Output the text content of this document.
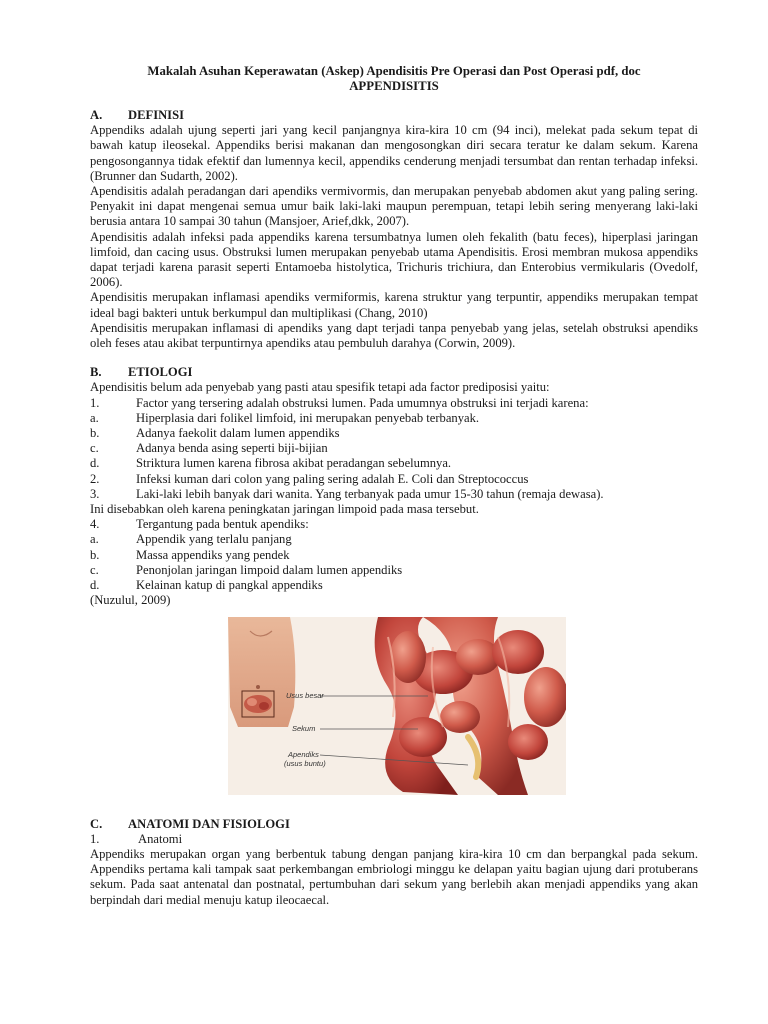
Makalah Asuhan Keperawatan (Askep) Apendisitis Pre Operasi dan Post Operasi pdf, doc

APPENDISITIS

A.	DEFINISI

Appendiks adalah ujung seperti jari yang kecil panjangnya kira-kira 10 cm (94 inci), melekat pada sekum tepat di bawah katup ileosekal. Appendiks berisi makanan dan mengosongkan diri secara teratur ke dalam sekum. Karena pengosongannya tidak efektif dan lumennya kecil, appendiks cenderung menjadi tersumbat dan rentan terhadap infeksi. (Brunner dan Sudarth, 2002).

Apendisitis adalah peradangan dari apendiks vermivormis, dan merupakan penyebab abdomen akut yang paling sering. Penyakit ini dapat mengenai semua umur baik laki-laki maupun perempuan, tetapi lebih sering menyerang laki-laki berusia antara 10 sampai 30 tahun (Mansjoer, Arief,dkk, 2007).

Apendisitis adalah infeksi pada appendiks karena tersumbatnya lumen oleh fekalith (batu feces), hiperplasi jaringan limfoid, dan cacing usus. Obstruksi lumen merupakan penyebab utama Apendisitis. Erosi membran mukosa appendiks dapat terjadi karena parasit seperti Entamoeba histolytica, Trichuris trichiura, dan Enterobius vermikularis (Ovedolf, 2006).

Apendisitis merupakan inflamasi apendiks vermiformis, karena struktur yang terpuntir, appendiks merupakan tempat ideal bagi bakteri untuk berkumpul dan multiplikasi (Chang, 2010)

Apendisitis merupakan inflamasi di apendiks yang dapt terjadi tanpa penyebab yang jelas, setelah obstruksi apendiks oleh feses atau akibat terpuntirnya apendiks atau pembuluh darahya (Corwin, 2009).

B.	ETIOLOGI

Apendisitis belum ada penyebab yang pasti atau spesifik tetapi ada factor prediposisi yaitu:

1.	Factor yang tersering adalah obstruksi lumen. Pada umumnya obstruksi ini terjadi karena:
a.	Hiperplasia dari folikel limfoid, ini merupakan penyebab terbanyak.
b.	Adanya faekolit dalam lumen appendiks
c.	Adanya benda asing seperti biji-bijian
d.	Striktura lumen karena fibrosa akibat peradangan sebelumnya.
2.	Infeksi kuman dari colon yang paling sering adalah E. Coli dan Streptococcus
3.	Laki-laki lebih banyak dari wanita. Yang terbanyak pada umur 15-30 tahun (remaja dewasa).

Ini disebabkan oleh karena peningkatan jaringan limpoid pada masa tersebut.

4.	Tergantung pada bentuk apendiks:
a.	Appendik yang terlalu panjang
b.	Massa appendiks yang pendek
c.	Penonjolan jaringan limpoid dalam lumen appendiks
d.	Kelainan katup di pangkal appendiks

(Nuzulul, 2009)

Usus besar
Sekum
Apendiks
(usus buntu)
C.	ANATOMI DAN FISIOLOGI
1.	Anatomi

Appendiks merupakan organ yang berbentuk tabung dengan panjang kira-kira 10 cm dan berpangkal pada sekum. Appendiks pertama kali tampak saat perkembangan embriologi minggu ke delapan yaitu bagian ujung dari protuberans sekum. Pada saat antenatal dan postnatal, pertumbuhan dari sekum yang berlebih akan menjadi appendiks yang akan berpindah dari medial menuju katup ileocaecal.
